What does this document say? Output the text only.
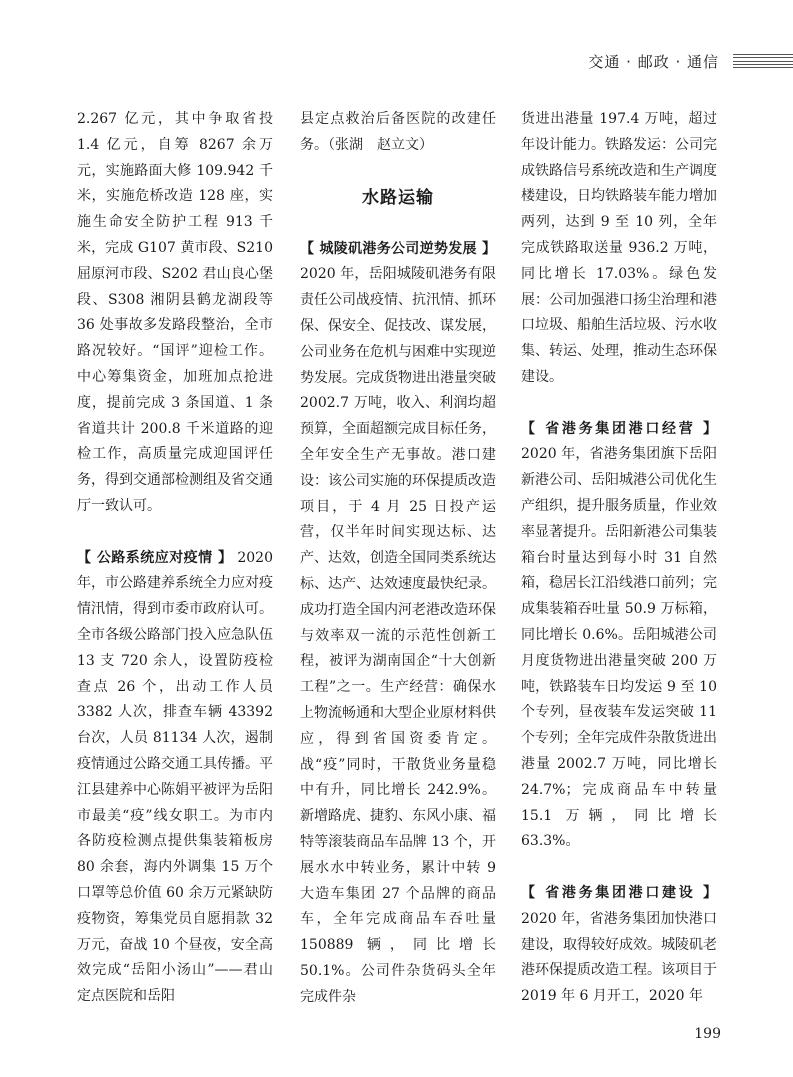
交通 · 邮政 · 通信

2.267 亿元，其中争取省投 1.4 亿元，自筹 8267 余万元，实施路面大修 109.942 千米，实施危桥改造 128 座，实施生命安全防护工程 913 千米，完成 G107 黄市段、S210 屈原河市段、S202 君山良心堡段、S308 湘阴县鹤龙湖段等 36 处事故多发路段整治，全市路况较好。“国评”迎检工作。中心筹集资金，加班加点抢进度，提前完成 3 条国道、1 条省道共计 200.8 千米道路的迎检工作，高质量完成迎国评任务，得到交通部检测组及省交通厅一致认可。

【 公路系统应对疫情 】 2020 年，市公路建养系统全力应对疫情汛情，得到市委市政府认可。全市各级公路部门投入应急队伍 13 支 720 余人，设置防疫检查点 26 个，出动工作人员 3382 人次，排查车辆 43392 台次，人员 81134 人次，遏制疫情通过公路交通工具传播。平江县建养中心陈娟平被评为岳阳市最美“疫”线女职工。为市内各防疫检测点提供集装箱板房 80 余套，海内外调集 15 万个口罩等总价值 60 余万元紧缺防疫物资，筹集党员自愿捐款 32 万元，奋战 10 个昼夜，安全高效完成“岳阳小汤山”——君山定点医院和岳阳

县定点救治后备医院的改建任务。（张湖　赵立文）

水路运输

【 城陵矶港务公司逆势发展 】 2020 年，岳阳城陵矶港务有限责任公司战疫情、抗汛情、抓环保、保安全、促技改、谋发展，公司业务在危机与困难中实现逆势发展。完成货物进出港量突破 2002.7 万吨，收入、利润均超预算，全面超额完成目标任务，全年安全生产无事故。港口建设：该公司实施的环保提质改造项目，于 4 月 25 日投产运营，仅半年时间实现达标、达产、达效，创造全国同类系统达标、达产、达效速度最快纪录。成功打造全国内河老港改造环保与效率双一流的示范性创新工程，被评为湖南国企“十大创新工程”之一。生产经营：确保水上物流畅通和大型企业原材料供应，得到省国资委肯定。战“疫”同时，干散货业务量稳中有升，同比增长 242.9%。新增路虎、捷豹、东风小康、福特等滚装商品车品牌 13 个，开展水水中转业务，累计中转 9 大造车集团 27 个品牌的商品车，全年完成商品车吞吐量 150889 辆，同比增长 50.1%。公司件杂货码头全年完成件杂

货进出港量 197.4 万吨，超过年设计能力。铁路发运：公司完成铁路信号系统改造和生产调度楼建设，日均铁路装车能力增加两列，达到 9 至 10 列，全年完成铁路取送量 936.2 万吨，同比增长 17.03%。绿色发展：公司加强港口扬尘治理和港口垃圾、船舶生活垃圾、污水收集、转运、处理，推动生态环保建设。

【 省港务集团港口经营 】 2020 年，省港务集团旗下岳阳新港公司、岳阳城港公司优化生产组织，提升服务质量，作业效率显著提升。岳阳新港公司集装箱台时量达到每小时 31 自然箱，稳居长江沿线港口前列；完成集装箱吞吐量 50.9 万标箱，同比增长 0.6%。岳阳城港公司月度货物进出港量突破 200 万吨，铁路装车日均发运 9 至 10 个专列，昼夜装车发运突破 11 个专列；全年完成件杂散货进出港量 2002.7 万吨，同比增长 24.7%；完成商品车中转量 15.1 万辆，同比增长 63.3%。

【 省港务集团港口建设 】 2020 年，省港务集团加快港口建设，取得较好成效。城陵矶老港环保提质改造工程。该项目于 2019 年 6 月开工，2020 年

199
